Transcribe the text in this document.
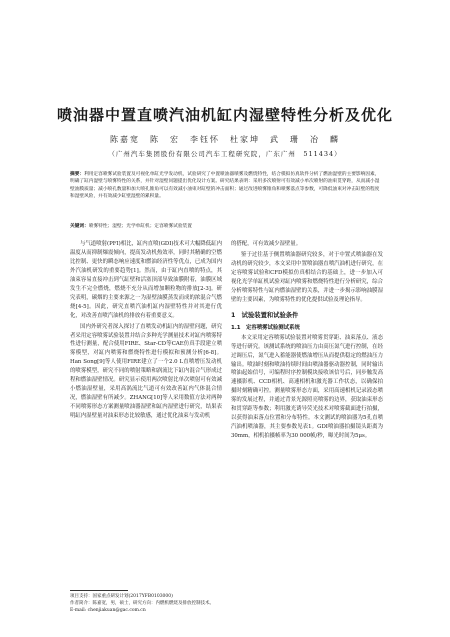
喷油器中置直喷汽油机缸内湿壁特性分析及优化
陈嘉宽　陈　宏　李钰怀　杜家坤　武　珊　冶　麟
（广州汽车集团股份有限公司汽车工程研究院，广东广州　511434）
摘要：利用定容喷雾试验装置及可视化单缸光学发动机，试验研究了中置喷油器喷雾及燃烧特性，结合模拟仿真软件分析了燃油湿壁的主要影响因素，明确了缸内湿壁与喷雾特性的关系，并针对湿壁问题提出优化设计方案。研究结果表明：采用多次喷射可有效减小单次喷射的油束贯穿距，从而减小湿壁油膜质量；减小喷孔数量和加大喷孔锥角可以有效减小油束对缸壁的冲击面积；通过改进喷雾锥角和喷雾落点等参数，可降低油束对冲击缸壁的程度和湿壁风险，并有效减少缸壁湿壁的累积量。
关键词：喷雾特性；湿壁；光学单缸机；定容喷雾试验装置

与气道喷射(PFI)相比，缸内直喷(GDI)技术可大幅降低缸内温度从而抑制爆震倾向，提高发动机热效率，同时其精确的空燃比控制、更快的瞬态响应速度和燃油经济性等优点，已成为国内外汽油机研发的重要趋势[1]。然而，由于缸内直喷的特点，其油束容易直接冲击到气缸壁和活塞顶部导致油膜附着，油膜区域发生不完全燃烧，燃烧不充分从而增加颗粒物的排放[2-3]。研究表明，碳烟的主要来源之一为湿壁油膜蒸发而成的浓混合气燃烧[4-5]。因此，研究直喷汽油机缸内湿壁特性并对其进行优化，对改善直喷汽油机的排放有着重要意义。

国内外研究者深入探讨了直喷发动机缸内的湿壁问题，研究者采用定容喷雾试验装置并结合多种光学测量技术对缸内喷雾特性进行测量，配合使用FIRE、Star-CD等CAE仿真手段建立喷雾模型，对缸内喷雾和燃烧特性进行模拟和预测分析[6-8]。Han Song[9]等人使用FIRE建立了一个2.0 L直喷增压发动机的喷雾模型，研究不同的喷射策略和涡流比下缸内混合气形成过程和燃油湿壁情况。研究显示使用两次喷射比单次喷射可有效减小燃油湿壁量，采用高涡流比气道可有效改善缸内气体混合情况，燃油湿壁有所减少。ZHANG[10]等人采用数值方法对两种不同喷雾形态方案测量喷油器湿壁和缸内湿壁进行研究，结果表明缸内湿壁量对油束形态比较敏感，通过优化油束与发动机

的搭配，可有效减少湿壁量。

鉴于过往基于侧置喷油器研究较多，对于中置式喷油器在发动机的研究较少，本文采用中置喷油器直喷汽油机进行研究，在定容喷雾试验和CFD模拟仿真相结合的基础上，进一步加入可视化光学单缸机试验对缸内喷雾和燃烧特性进行分析研究，综合分析喷雾特性与缸内燃油湿壁的关系，并进一步揭示影响油膜湿壁的主要因素，为喷雾特性的优化提供试验及理论指导。

1　试验装置和试验条件
1.1　定容喷雾试验测试系统

本文采用定容喷雾试验装置对喷雾贯穿距、油束落点、液态等进行研究。该测试系统的喷油压力由高压氮气进行控制，在经过调压后，氮气进入蓄能器使燃油增压从而提供稳定的燃油压力输出。喷油时刻和喷油持续时间由喷油器驱动器控制，同时输出喷油起始信号，可编程时序控制模块接收该信号后，同步触发高速摄影机、CCD相机、高速相机和激光器工作状态，以确保拍摄时刻精确可控。测量喷雾形态方面，采用高速相机记录液态喷雾的发展过程，并通过背景光源照亮喷雾的边界，获取油束形态和贯穿距等参数；利用激光诱导荧光技术对喷雾截面进行拍摄，以获得油束落点位置和分布特性。本文测试的喷油器为5孔直喷汽油机喷油器，其主要参数见表1。GDI喷油器拍摄镜头距离为30mm，相机拍摄帧率为30 000帧/秒，曝光时间为5μs。

项目支持：国家重点研发计划(2017YFB0103000)
作者简介：陈嘉宽，男，硕士，研究方向：内燃机燃烧及排放控制技术。
E-mail: chenjiakuan@gac.com.cn
